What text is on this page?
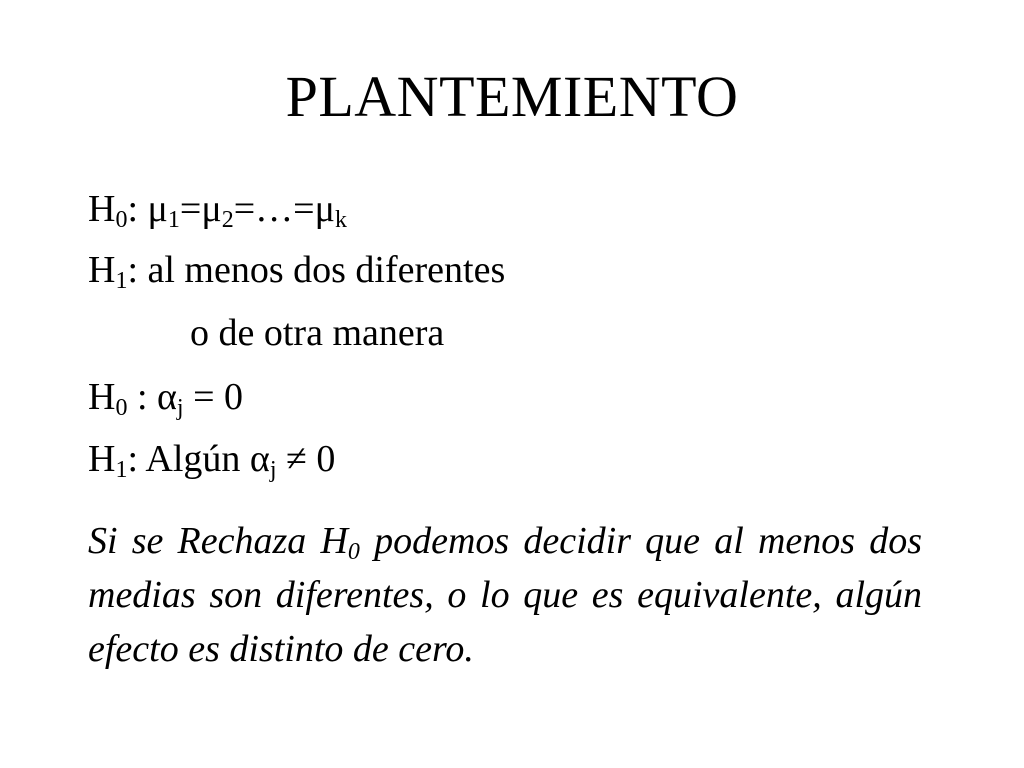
PLANTEMIENTO
$H_0$: $\mu_1=\mu_2=\dots=\mu_k$
$H_1$: al menos dos diferentes
o de otra manera
$H_0$ : $\alpha_j = 0$
$H_1$: Algún $\alpha_j \ne 0$

Si se Rechaza $H_0$ podemos decidir que al menos dos medias son diferentes, o lo que es equivalente, algún efecto es distinto de cero.
